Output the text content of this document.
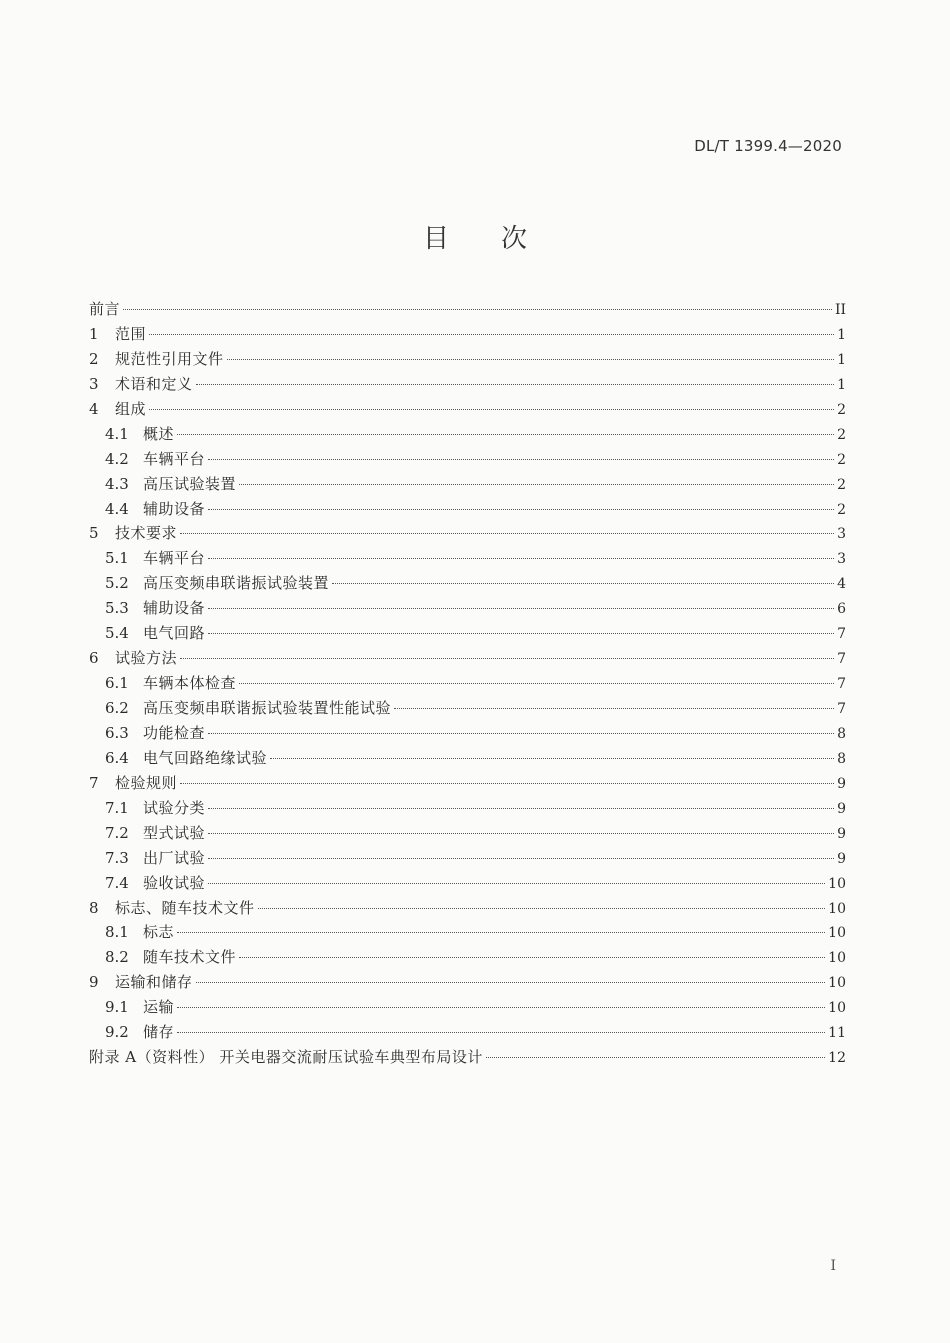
DL/T 1399.4—2020
目 次
前言	II
1	范围	1
2	规范性引用文件	1
3	术语和定义	1
4	组成	2
4.1 概述	2
4.2 车辆平台	2
4.3 高压试验装置	2
4.4 辅助设备	2
5	技术要求	3
5.1 车辆平台	3
5.2 高压变频串联谐振试验装置	4
5.3 辅助设备	6
5.4 电气回路	7
6	试验方法	7
6.1 车辆本体检查	7
6.2 高压变频串联谐振试验装置性能试验	7
6.3 功能检查	8
6.4 电气回路绝缘试验	8
7	检验规则	9
7.1 试验分类	9
7.2 型式试验	9
7.3 出厂试验	9
7.4 验收试验	10
8	标志、随车技术文件	10
8.1 标志	10
8.2 随车技术文件	10
9	运输和储存	10
9.1 运输	10
9.2 储存	11
附录 A（资料性） 开关电器交流耐压试验车典型布局设计	12
I
